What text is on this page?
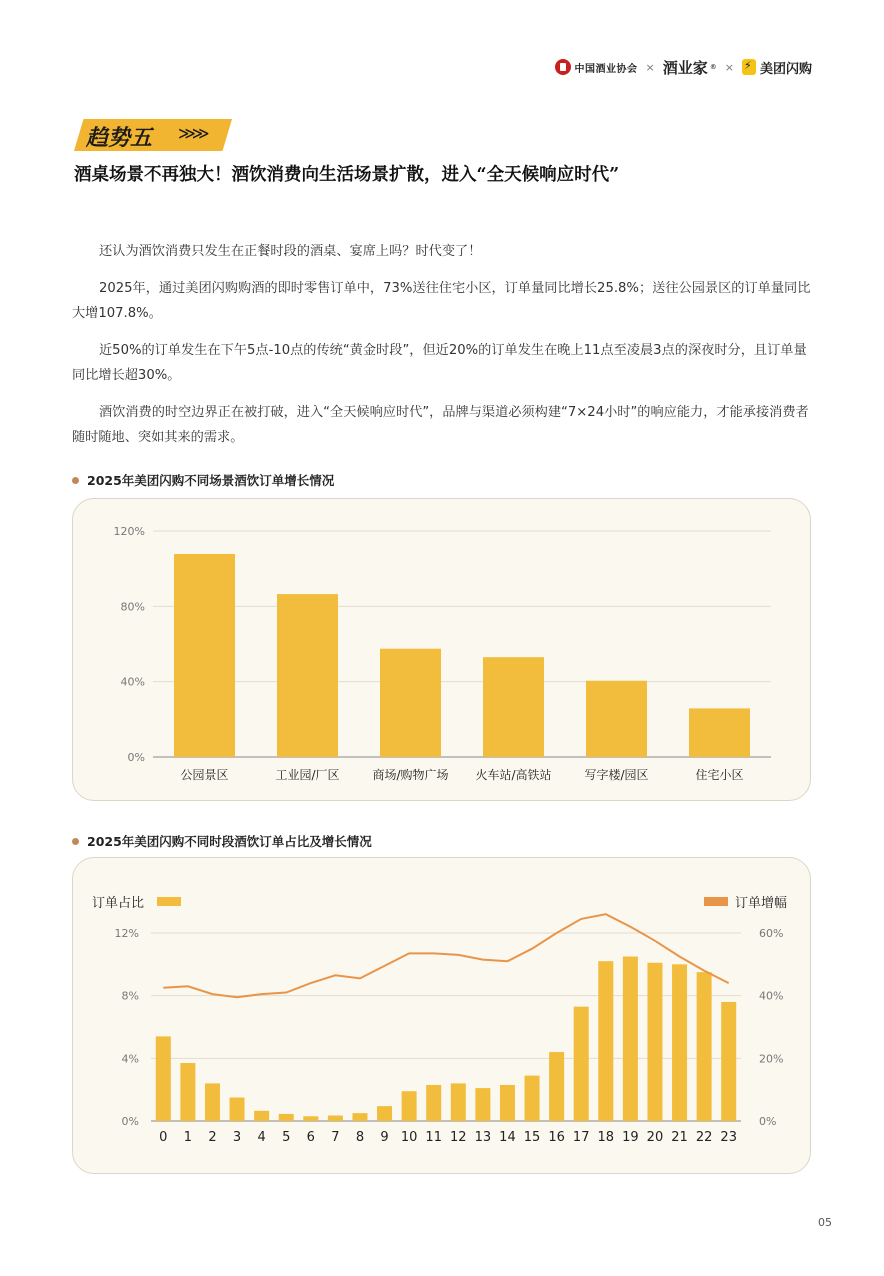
中国酒业协会 × 酒业家 ® ×
⚡ 美团闪购
趋势五 ≫≫
酒桌场景不再独大！酒饮消费向生活场景扩散，进入“全天候响应时代”

还认为酒饮消费只发生在正餐时段的酒桌、宴席上吗？时代变了！

2025年，通过美团闪购购酒的即时零售订单中，73%送往住宅小区，订单量同比增长25.8%；送往公园景区的订单量同比大增107.8%。

近50%的订单发生在下午5点-10点的传统“黄金时段”，但近20%的订单发生在晚上11点至凌晨3点的深夜时分，且订单量同比增长超30%。

酒饮消费的时空边界正在被打破，进入“全天候响应时代”，品牌与渠道必须构建“7×24小时”的响应能力，才能承接消费者随时随地、突如其来的需求。

2025年美团闪购不同场景酒饮订单增长情况
0%
40%
80%
120%
公园景区	工业园/厂区	商场/购物广场 火车站/高铁站	写字楼/园区	住宅小区
2025年美团闪购不同时段酒饮订单占比及增长情况
0%	0%
4%	20%
8%	40%
12%	60%
0 1 2 3 4 5 6 7 8 9 10 11 12 13 14 15 16 17 18 19 20 21 22 23
订单占比	订单增幅
05
